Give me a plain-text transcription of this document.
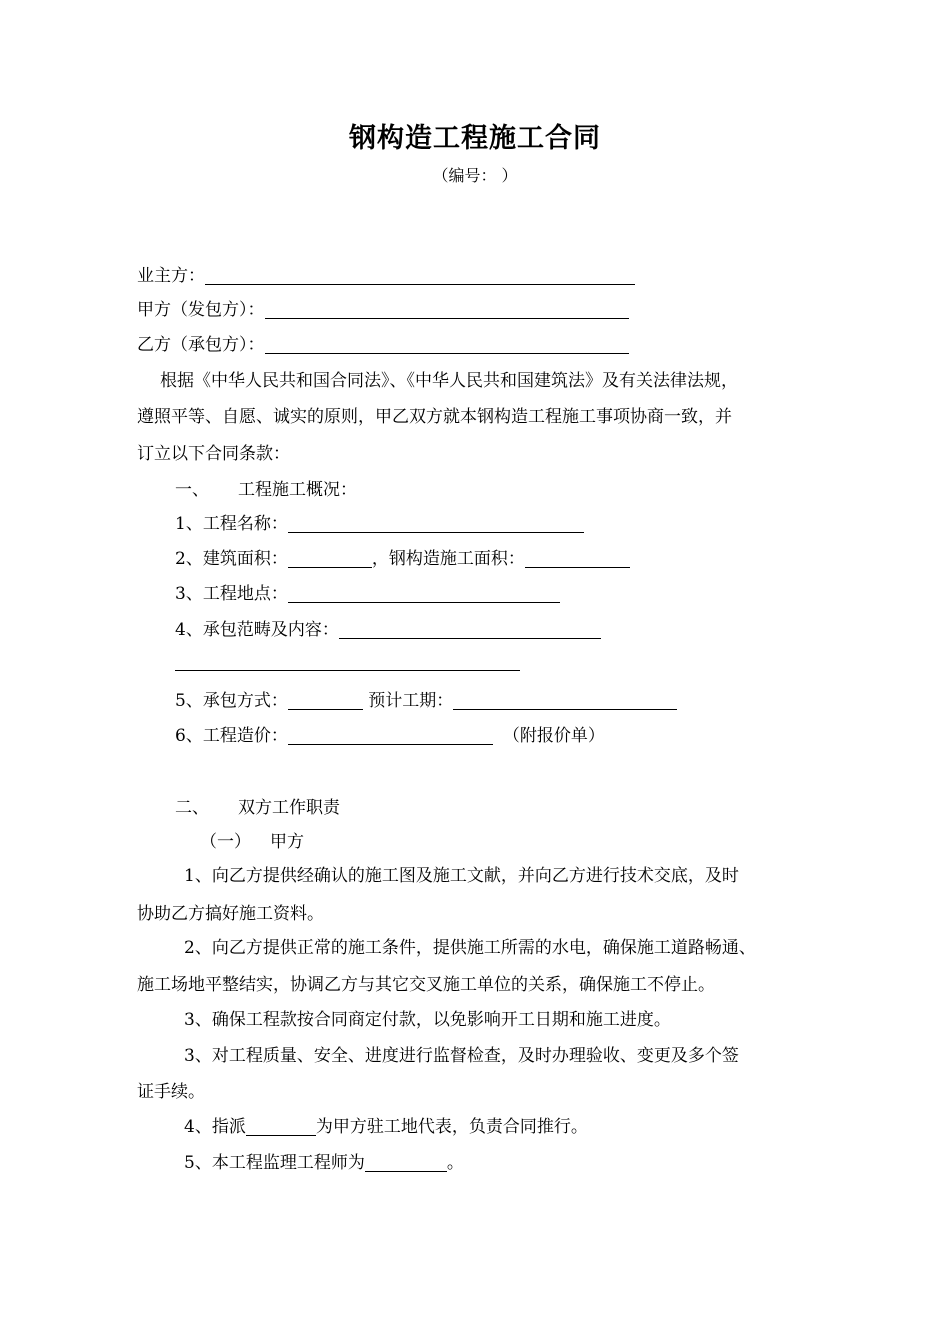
钢构造工程施工合同
（编号： ）
业主方：
甲方（发包方）：
乙方（承包方）：
根据《中华人民共和国合同法》、《中华人民共和国建筑法》及有关法律法规，
遵照平等、自愿、诚实的原则，甲乙双方就本钢构造工程施工事项协商一致，并
订立以下合同条款：
一、 工程施工概况：
1、工程名称：
2、建筑面积：	，钢构造施工面积：
3、工程地点：
4、承包范畴及内容：
5、承包方式：	预计工期：
6、工程造价：	（附报价单）
二、 双方工作职责
（一） 甲方
1、向乙方提供经确认的施工图及施工文献，并向乙方进行技术交底，及时
协助乙方搞好施工资料。
2、向乙方提供正常的施工条件，提供施工所需的水电，确保施工道路畅通、
施工场地平整结实，协调乙方与其它交叉施工单位的关系，确保施工不停止。
3、确保工程款按合同商定付款，以免影响开工日期和施工进度。
3、对工程质量、安全、进度进行监督检查，及时办理验收、变更及多个签
证手续。
4、指派	为甲方驻工地代表，负责合同推行。
5、本工程监理工程师为	。
